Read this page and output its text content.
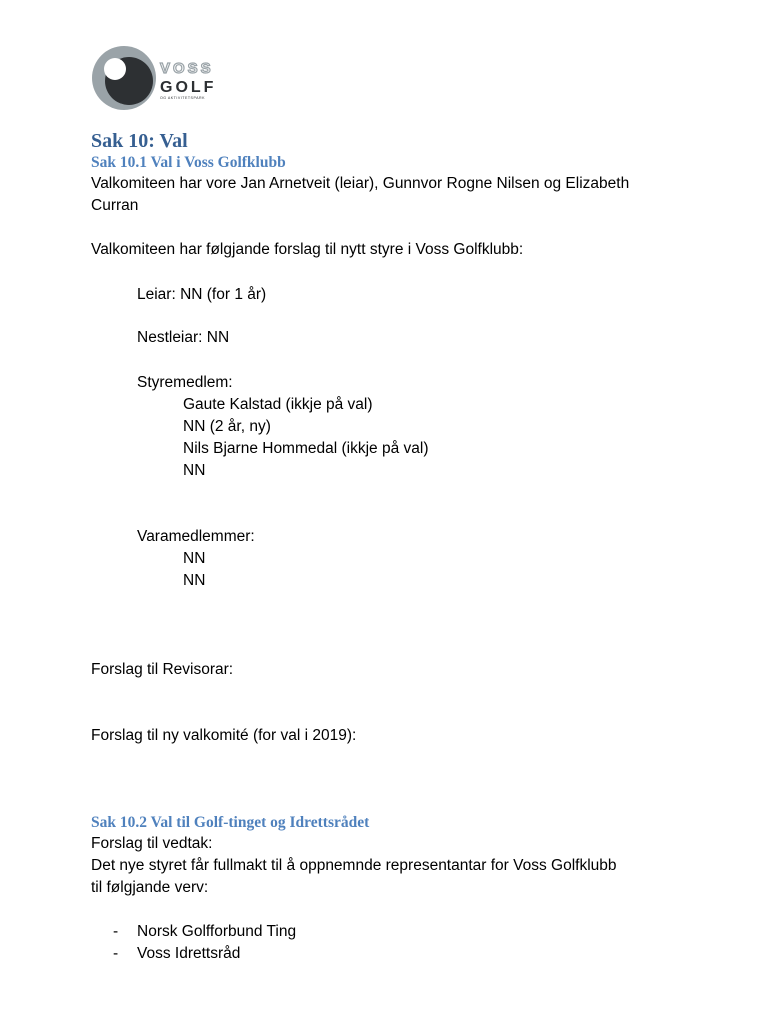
VOSS
GOLF
OG AKTIVITETSPARK
Sak 10: Val
Sak 10.1 Val i Voss Golfklubb

Valkomiteen har vore Jan Arnetveit (leiar), Gunnvor Rogne Nilsen og Elizabeth

Curran

Valkomiteen har følgjande forslag til nytt styre i Voss Golfklubb:

Leiar: NN (for 1 år)

Nestleiar: NN

Styremedlem:

Gaute Kalstad (ikkje på val)

NN (2 år, ny)

Nils Bjarne Hommedal (ikkje på val)

NN

Varamedlemmer:

NN

NN

Forslag til Revisorar:

Forslag til ny valkomité (for val i 2019):

Sak 10.2 Val til Golf-tinget og Idrettsrådet

Forslag til vedtak:

Det nye styret får fullmakt til å oppnemnde representantar for Voss Golfklubb

til følgjande verv:

- Norsk Golfforbund Ting

- Voss Idrettsråd
